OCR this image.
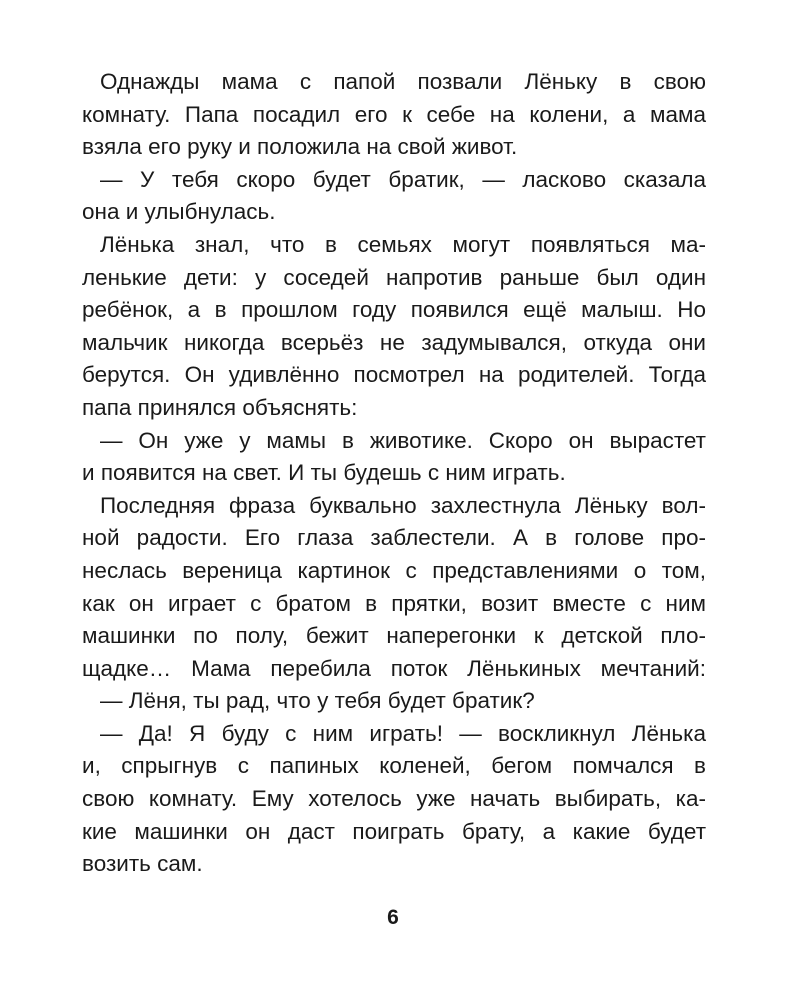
Однажды мама с папой позвали Лёньку в свою
комнату. Папа посадил его к себе на колени, а мама
взяла его руку и положила на свой живот.
— У тебя скоро будет братик, — ласково сказала
она и улыбнулась.
Лёнька знал, что в семьях могут появляться ма-
ленькие дети: у соседей напротив раньше был один
ребёнок, а в прошлом году появился ещё малыш. Но
мальчик никогда всерьёз не задумывался, откуда они
берутся. Он удивлённо посмотрел на родителей. Тогда
папа принялся объяснять:
— Он уже у мамы в животике. Скоро он вырастет
и появится на свет. И ты будешь с ним играть.
Последняя фраза буквально захлестнула Лёньку вол-
ной радости. Его глаза заблестели. А в голове про-
неслась вереница картинок с представлениями о том,
как он играет с братом в прятки, возит вместе с ним
машинки по полу, бежит наперегонки к детской пло-
щадке… Мама перебила поток Лёнькиных мечтаний:
— Лёня, ты рад, что у тебя будет братик?
— Да! Я буду с ним играть! — воскликнул Лёнька
и, спрыгнув с папиных коленей, бегом помчался в
свою комнату. Ему хотелось уже начать выбирать, ка-
кие машинки он даст поиграть брату, а какие будет
возить сам.
6
